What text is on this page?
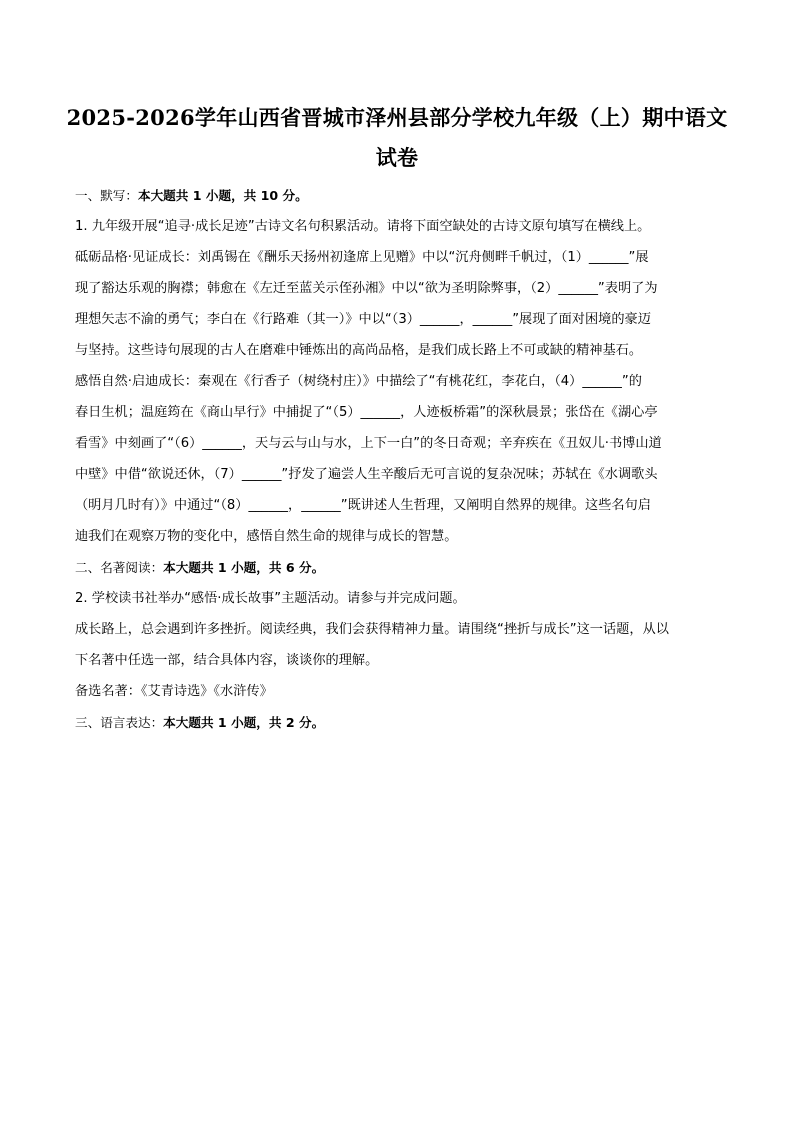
2025-2026学年山西省晋城市泽州县部分学校九年级（上）期中语文
试卷
一、默写：本大题共 1 小题，共 10 分。
1. 九年级开展“追寻·成长足迹”古诗文名句积累活动。请将下面空缺处的古诗文原句填写在横线上。
砥砺品格·见证成长：刘禹锡在《酬乐天扬州初逢席上见赠》中以“沉舟侧畔千帆过，（1）______”展
现了豁达乐观的胸襟；韩愈在《左迁至蓝关示侄孙湘》中以“欲为圣明除弊事，（2）______”表明了为
理想矢志不渝的勇气；李白在《行路难（其一）》中以“（3）______，______”展现了面对困境的豪迈
与坚持。这些诗句展现的古人在磨难中锤炼出的高尚品格，是我们成长路上不可或缺的精神基石。
感悟自然·启迪成长：秦观在《行香子（树绕村庄）》中描绘了“有桃花红，李花白，（4）______”的
春日生机；温庭筠在《商山早行》中捕捉了“（5）______，人迹板桥霜”的深秋晨景；张岱在《湖心亭
看雪》中刻画了“（6）______，天与云与山与水，上下一白”的冬日奇观；辛弃疾在《丑奴儿·书博山道
中壁》中借“欲说还休，（7）______”抒发了遍尝人生辛酸后无可言说的复杂况味；苏轼在《水调歌头
（明月几时有）》中通过“（8）______，______”既讲述人生哲理，又阐明自然界的规律。这些名句启
迪我们在观察万物的变化中，感悟自然生命的规律与成长的智慧。
二、名著阅读：本大题共 1 小题，共 6 分。
2. 学校读书社举办“感悟·成长故事”主题活动。请参与并完成问题。
成长路上，总会遇到许多挫折。阅读经典，我们会获得精神力量。请围绕“挫折与成长”这一话题，从以
下名著中任选一部，结合具体内容，谈谈你的理解。
备选名著：《艾青诗选》《水浒传》
三、语言表达：本大题共 1 小题，共 2 分。
